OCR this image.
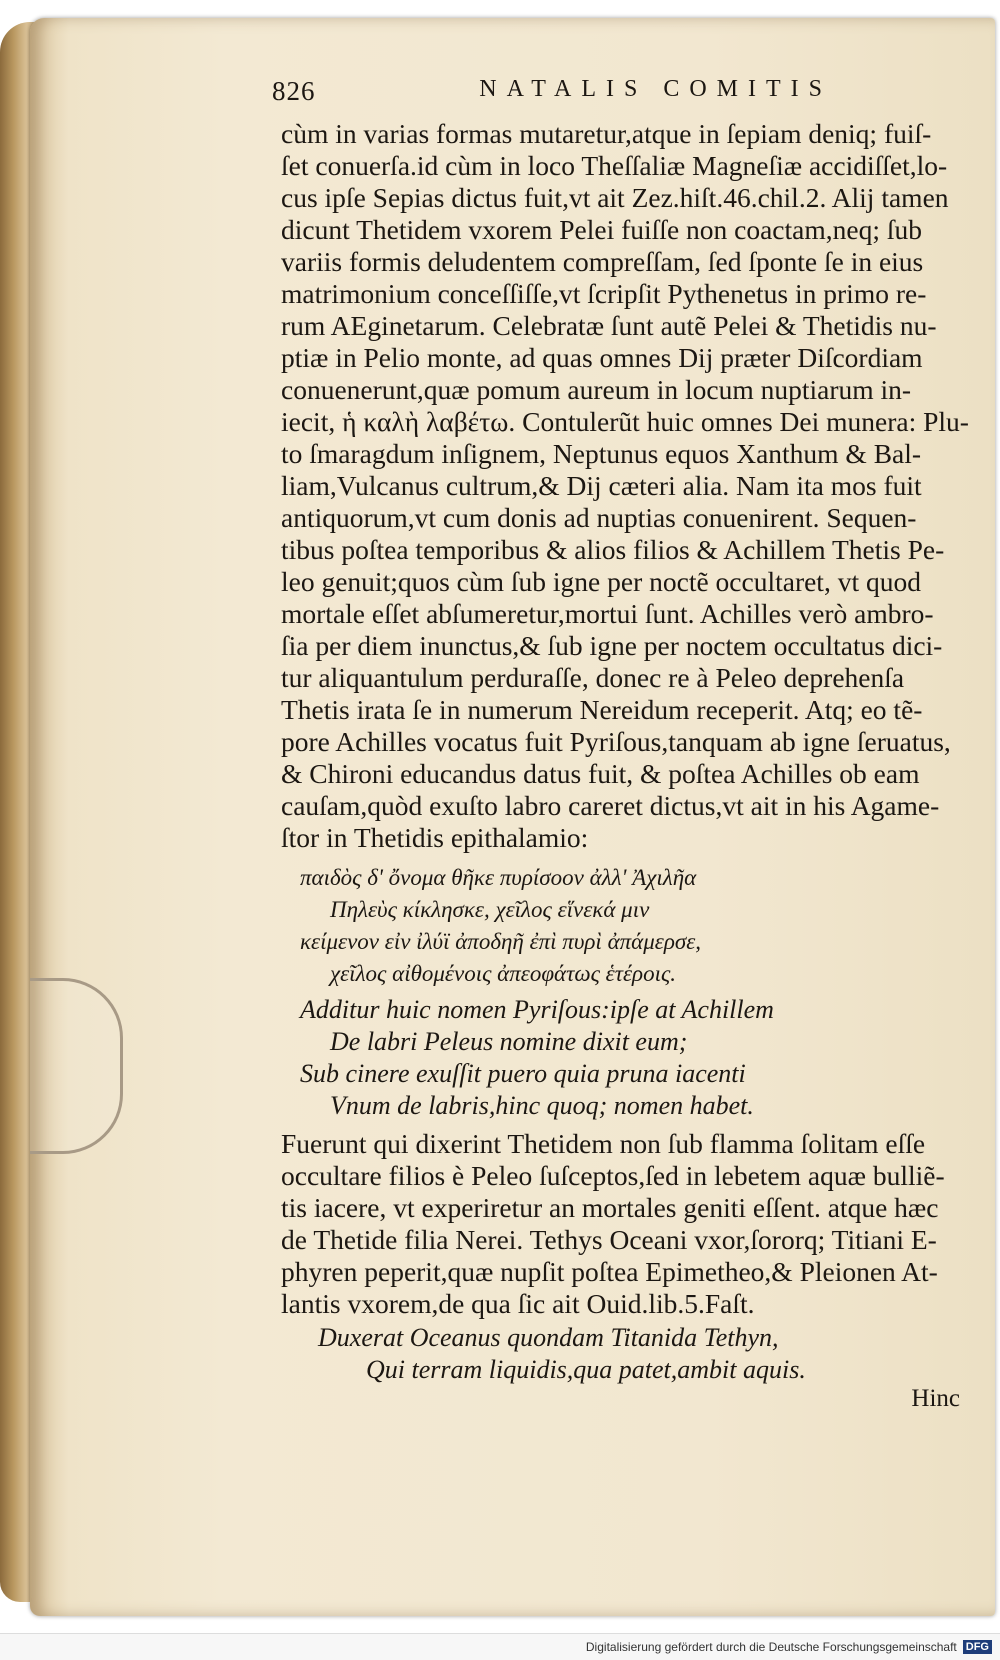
826	NATALIS COMITIS
cùm in varias formas mutaretur,atque in ſepiam deniq; fuiſ-
ſet conuerſa.id cùm in loco Theſſaliæ Magneſiæ accidiſſet,lo-
cus ipſe Sepias dictus fuit,vt ait Zez.hiſt.46.chil.2. Alij tamen
dicunt Thetidem vxorem Pelei fuiſſe non coactam,neq; ſub
variis formis deludentem compreſſam, ſed ſponte ſe in eius
matrimonium conceſſiſſe,vt ſcripſit Pythenetus in primo re-
rum AEginetarum. Celebratæ ſunt autẽ Pelei & Thetidis nu-
ptiæ in Pelio monte, ad quas omnes Dij præter Diſcordiam
conuenerunt,quæ pomum aureum in locum nuptiarum in-
iecit, ἡ καλὴ λαβέτω. Contulerũt huic omnes Dei munera: Plu-
to ſmaragdum inſignem, Neptunus equos Xanthum & Bal-
liam,Vulcanus cultrum,& Dij cæteri alia. Nam ita mos fuit
antiquorum,vt cum donis ad nuptias conuenirent. Sequen-
tibus poſtea temporibus & alios filios & Achillem Thetis Pe-
leo genuit;quos cùm ſub igne per noctẽ occultaret, vt quod
mortale eſſet abſumeretur,mortui ſunt. Achilles verò ambro-
ſia per diem inunctus,& ſub igne per noctem occultatus dici-
tur aliquantulum perduraſſe, donec re à Peleo deprehenſa
Thetis irata ſe in numerum Nereidum receperit. Atq; eo tẽ-
pore Achilles vocatus fuit Pyriſous,tanquam ab igne ſeruatus,
& Chironi educandus datus fuit, & poſtea Achilles ob eam
cauſam,quòd exuſto labro careret dictus,vt ait in his Agame-
ſtor in Thetidis epithalamio:
παιδὸς δ' ὄνομα θῆκε πυρίσοον ἀλλ' Ἀχιλῆα
Πηλεὺς κίκλησκε, χεῖλος εἵνεκά μιν
κείμενον εἰν ἰλύϊ ἀποδηῆ ἐπὶ πυρὶ ἀπάμερσε,
χεῖλος αἰθομένοις ἀπεοφάτως ἑτέροις.
Additur huic nomen Pyriſous:ipſe at Achillem
De labri Peleus nomine dixit eum;
Sub cinere exuſſit puero quia pruna iacenti
Vnum de labris,hinc quoq; nomen habet.
Fuerunt qui dixerint Thetidem non ſub flamma ſolitam eſſe
occultare filios è Peleo ſuſceptos,ſed in lebetem aquæ bulliẽ-
tis iacere, vt experiretur an mortales geniti eſſent. atque hæc
de Thetide filia Nerei. Tethys Oceani vxor,ſororq; Titiani E-
phyren peperit,quæ nupſit poſtea Epimetheo,& Pleionen At-
lantis vxorem,de qua ſic ait Ouid.lib.5.Faſt.
Duxerat Oceanus quondam Titanida Tethyn,
Qui terram liquidis,qua patet,ambit aquis.
Hinc
Digitalisierung gefördert durch die Deutsche Forschungsgemeinschaft DFG
